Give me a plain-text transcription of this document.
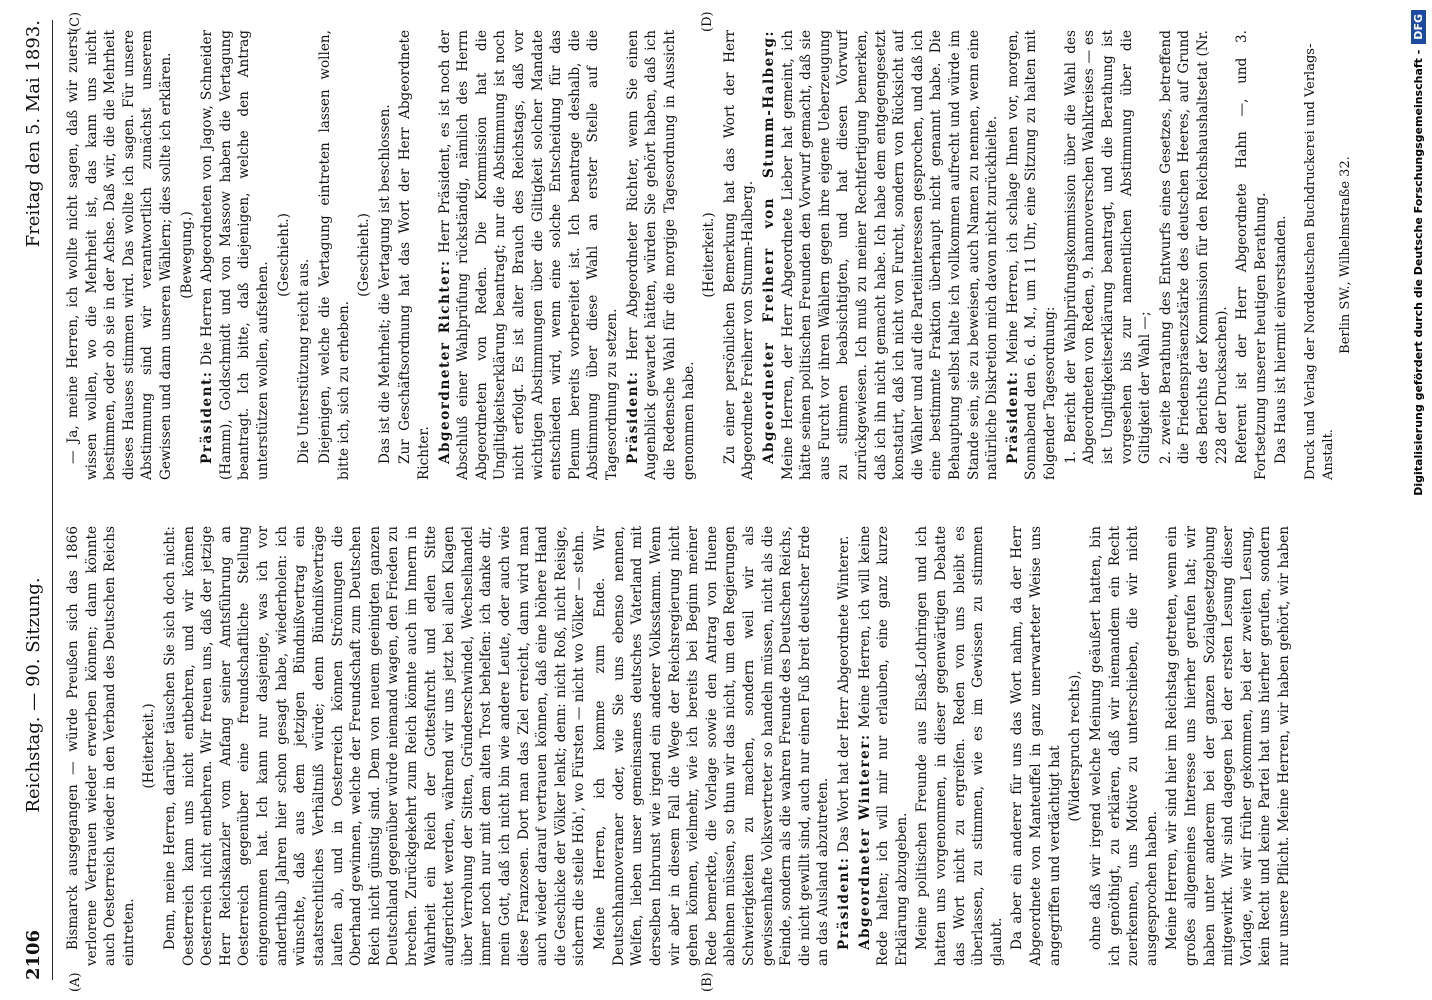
2106
Reichstag. — 90. Sitzung.
Freitag den 5. Mai 1893.
(A)	(B)
(C)	(D)

Bismarck ausgegangen — würde Preußen sich das 1866 verlorene Vertrauen wieder erwerben können; dann könnte auch Oesterreich wieder in den Verband des Deutschen Reichs eintreten.

(Heiterkeit.) Denn, meine Herren, darüber täuschen Sie sich doch nicht: Oesterreich kann uns nicht entbehren, und wir können Oesterreich nicht entbehren. Wir freuen uns, daß der jetzige Herr Reichskanzler vom Anfang seiner Amtsführung an Oesterreich gegenüber eine freundschaftliche Stellung eingenommen hat. Ich kann nur dasjenige, was ich vor anderthalb Jahren hier schon gesagt habe, wiederholen: ich wünschte, daß aus dem jetzigen Bündnißvertrag ein staatsrechtliches Verhältniß würde; denn Bündnißverträge laufen ab, und in Oesterreich können Strömungen die Oberhand gewinnen, welche der Freundschaft zum Deutschen Reich nicht günstig sind. Dem von neuem geeinigten ganzen Deutschland gegenüber würde niemand wagen, den Frieden zu brechen. Zurückgekehrt zum Reich könnte auch im Innern in Wahrheit ein Reich der Gottesfurcht und edlen Sitte aufgerichtet werden, während wir uns jetzt bei allen Klagen über Verrohung der Sitten, Gründerschwindel, Wechselhandel immer noch nur mit dem alten Trost behelfen: ich danke dir, mein Gott, daß ich nicht bin wie andere Leute, oder auch wie diese Franzosen. Dort man das Ziel erreicht, dann wird man auch wieder darauf vertrauen können, daß eine höhere Hand die Geschicke der Völker lenkt; denn: nicht Roß, nicht Reisige, sichern die steile Höh', wo Fürsten — nicht wo Völker — stehn. Meine Herren, ich komme zum Ende. Wir Deutschhannoveraner oder, wie Sie uns ebenso nennen, Welfen, lieben unser gemeinsames deutsches Vaterland mit derselben Inbrunst wie irgend ein anderer Volksstamm. Wenn wir aber in diesem Fall die Wege der Reichsregierung nicht gehen können, vielmehr, wie ich bereits bei Beginn meiner Rede bemerkte, die Vorlage sowie den Antrag von Huene ablehnen müssen, so thun wir das nicht, um den Regierungen Schwierigkeiten zu machen, sondern weil wir als gewissenhafte Volksvertreter so handeln müssen, nicht als die Feinde, sondern als die wahren Freunde des Deutschen Reichs, die nicht gewillt sind, auch nur einen Fuß breit deutscher Erde an das Ausland abzutreten. Präsident: Das Wort hat der Herr Abgeordnete Winterer. Abgeordneter Winterer: Meine Herren, ich will keine Rede halten; ich will mir nur erlauben, eine ganz kurze Erklärung abzugeben. Meine politischen Freunde aus Elsaß-Lothringen und ich hatten uns vorgenommen, in dieser gegenwärtigen Debatte das Wort nicht zu ergreifen. Reden von uns bleibt es überlassen, zu stimmen, wie es im Gewissen zu stimmen glaubt. Da aber ein anderer für uns das Wort nahm, da der Herr Abgeordnete von Manteuffel in ganz unerwarteter Weise uns angegriffen und verdächtigt hat (Widerspruch rechts), ohne daß wir irgend welche Meinung geäußert hatten, bin ich genöthigt, zu erklären, daß wir niemandem ein Recht zuerkennen, uns Motive zu unterschieben, die wir nicht ausgesprochen haben. Meine Herren, wir sind hier im Reichstag getreten, wenn ein großes allgemeines Interesse uns hierher gerufen hat; wir haben unter anderem bei der ganzen Sozialgesetzgebung mitgewirkt. Wir sind dagegen bei der ersten Lesung dieser Vorlage, wie wir früher gekommen, bei der zweiten Lesung, kein Recht und keine Partei hat uns hierher gerufen, sondern nur unsere Pflicht. Meine Herren, wir haben gehört, wir haben

— Ja, meine Herren, ich wollte nicht sagen, daß wir zuerst wissen wollen, wo die Mehrheit ist, das kann uns nicht bestimmen, oder ob sie in der Achse. Daß wir, die die Mehrheit dieses Hauses stimmen wird. Das wollte ich sagen. Für unsere Abstimmung sind wir verantwortlich zunächst unserem Gewissen und dann unseren Wählern; dies sollte ich erklären. (Bewegung.)

Präsident: Die Herren Abgeordneten von Jagow, Schneider (Hamm), Goldschmidt und von Massow haben die Vertagung beantragt. Ich bitte, daß diejenigen, welche den Antrag unterstützen wollen, aufstehen.

(Geschieht.)

Die Unterstützung reicht aus. Diejenigen, welche die Vertagung eintreten lassen wollen, bitte ich, sich zu erheben.

(Geschieht.) Das ist die Mehrheit; die Vertagung ist beschlossen. Zur Geschäftsordnung hat das Wort der Herr Abgeordnete Richter. Abgeordneter Richter: Herr Präsident, es ist noch der Abschluß einer Wahlprüfung rückständig, nämlich des Herrn Abgeordneten von Reden. Die Kommission hat die Ungiltigkeitserklärung beantragt; nur die Abstimmung ist noch nicht erfolgt. Es ist alter Brauch des Reichstags, daß vor wichtigen Abstimmungen über die Giltigkeit solcher Mandate entschieden wird, wenn eine solche Entscheidung für das Plenum bereits vorbereitet ist. Ich beantrage deshalb, die Abstimmung über diese Wahl an erster Stelle auf die Tagesordnung zu setzen. Präsident: Herr Abgeordneter Richter, wenn Sie einen Augenblick gewartet hätten, würden Sie gehört haben, daß ich die Redensche Wahl für die morgige Tagesordnung in Aussicht genommen habe.

(Heiterkeit.) Zu einer persönlichen Bemerkung hat das Wort der Herr Abgeordnete Freiherr von Stumm-Halberg. Abgeordneter Freiherr von Stumm-Halberg: Meine Herren, der Herr Abgeordnete Lieber hat gemeint, ich hätte seinen politischen Freunden den Vorwurf gemacht, daß sie aus Furcht vor ihren Wählern gegen ihre eigene Ueberzeugung zu stimmen beabsichtigten, und hat diesen Vorwurf zurückgewiesen. Ich muß zu meiner Rechtfertigung bemerken, daß ich ihn nicht gemacht habe. Ich habe dem entgegengesetzt konstatirt, daß ich nicht von Furcht, sondern von Rücksicht auf die Wähler und auf die Parteiinteressen gesprochen, und daß ich eine bestimmte Fraktion überhaupt nicht genannt habe. Die Behauptung selbst halte ich vollkommen aufrecht und würde im Stande sein, sie zu beweisen, auch Namen zu nennen, wenn eine natürliche Diskretion mich davon nicht zurückhielte. Präsident: Meine Herren, ich schlage Ihnen vor, morgen, Sonnabend den 6. d. M., um 11 Uhr, eine Sitzung zu halten mit folgender Tagesordnung: 1. Bericht der Wahlprüfungskommission über die Wahl des Abgeordneten von Reden, 9. hannoverschen Wahlkreises — es ist Ungiltigkeitserklärung beantragt, und die Berathung ist vorgesehen bis zur namentlichen Abstimmung über die Giltigkeit der Wahl —; 2. zweite Berathung des Entwurfs eines Gesetzes, betreffend die Friedenspräsenzstärke des deutschen Heeres, auf Grund des Berichts der Kommission für den Reichshaushaltsetat (Nr. 228 der Drucksachen). Referent ist der Herr Abgeordnete Hahn —, und 3. Fortsetzung unserer heutigen Berathung. Das Haus ist hiermit einverstanden. Druck und Verlag der Norddeutschen Buchdruckerei und Verlags-Anstalt.
Berlin SW., Wilhelmstraße 32.	Digitalisierung gefördert durch die Deutsche Forschungsgemeinschaft -
DFG
